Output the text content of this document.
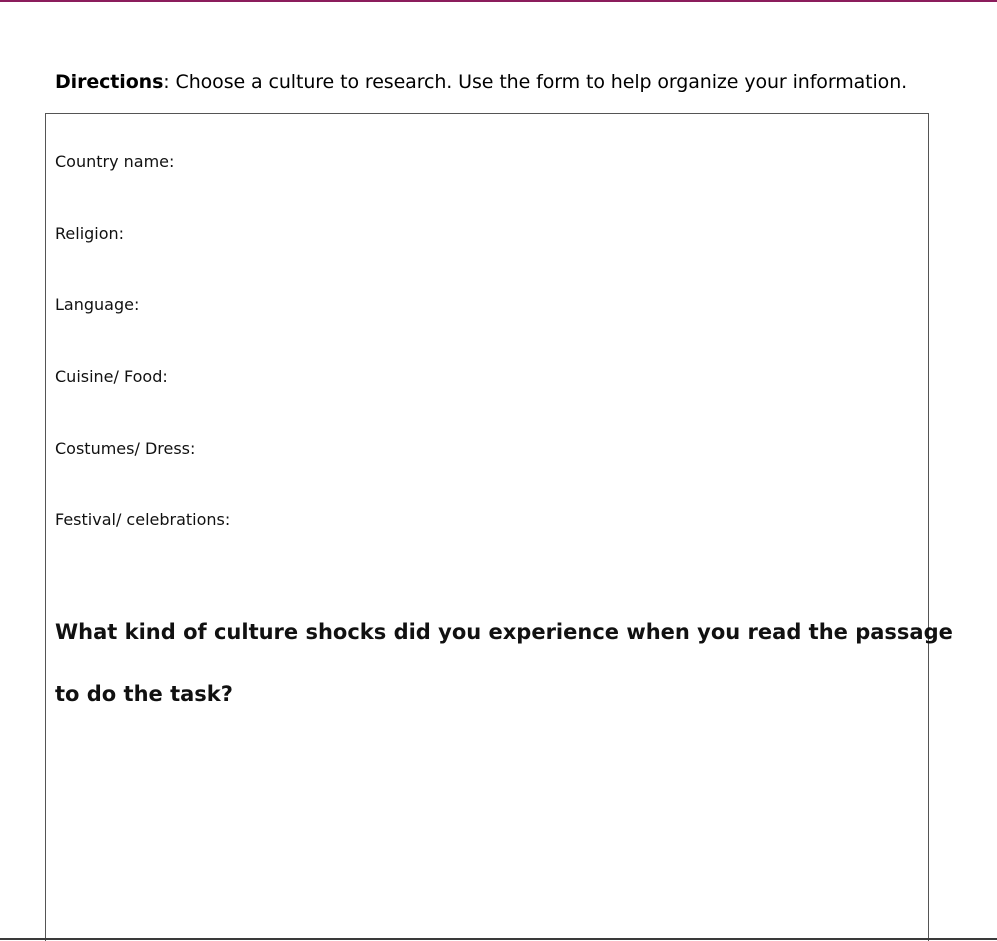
Directions: Choose a culture to research. Use the form to help organize your information.
Country name:
Religion:
Language:
Cuisine/ Food:
Costumes/ Dress:
Festival/ celebrations:
What kind of culture shocks did you experience when you read the passage
to do the task?
